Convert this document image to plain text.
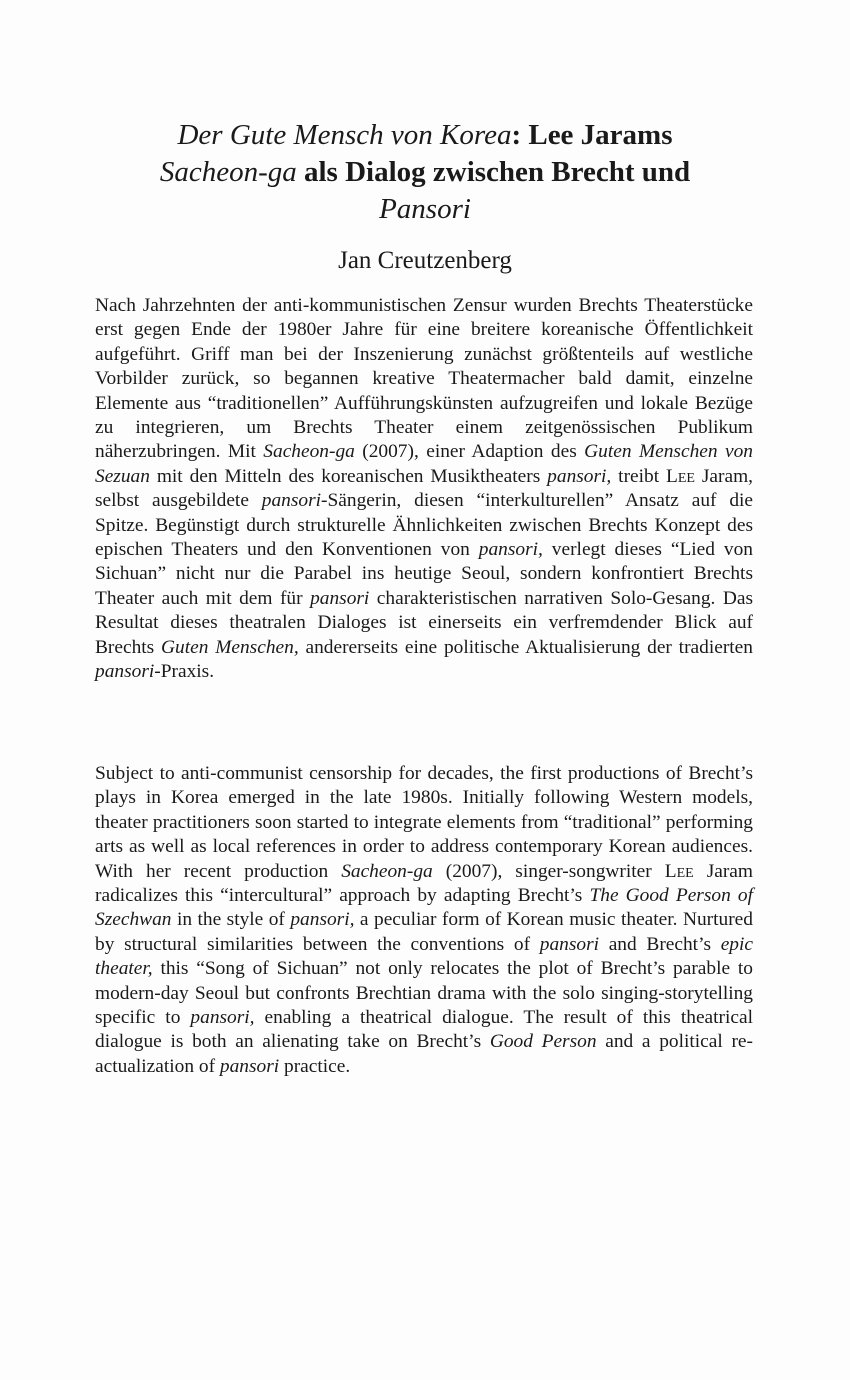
Der Gute Mensch von Korea: Lee Jarams
Sacheon-ga als Dialog zwischen Brecht und
Pansori
Jan Creutzenberg

Nach Jahrzehnten der anti-kommunistischen Zensur wurden Brechts Theaterstücke erst gegen Ende der 1980er Jahre für eine breitere koreanische Öffentlichkeit aufgeführt. Griff man bei der Inszenierung zunächst größtenteils auf westliche Vorbilder zurück, so begannen kreative Theatermacher bald damit, einzelne Elemente aus “traditionellen” Aufführungskünsten aufzugreifen und lokale Bezüge zu integrieren, um Brechts Theater einem zeitgenössischen Publikum näherzubringen. Mit Sacheon-ga (2007), einer Adaption des Guten Menschen von Sezuan mit den Mitteln des koreanischen Musiktheaters pansori, treibt Lee Jaram, selbst ausgebildete pansori-Sängerin, diesen “interkulturellen” Ansatz auf die Spitze. Begünstigt durch strukturelle Ähnlichkeiten zwischen Brechts Konzept des epischen Theaters und den Konventionen von pansori, verlegt dieses “Lied von Sichuan” nicht nur die Parabel ins heutige Seoul, sondern konfrontiert Brechts Theater auch mit dem für pansori charakteristischen narrativen Solo-Gesang. Das Resultat dieses theatralen Dialoges ist einerseits ein verfremdender Blick auf Brechts Guten Menschen, andererseits eine politische Aktualisierung der tradierten pansori-Praxis.

Subject to anti-communist censorship for decades, the first productions of Brecht’s plays in Korea emerged in the late 1980s. Initially following Western models, theater practitioners soon started to integrate elements from “traditional” performing arts as well as local references in order to address contemporary Korean audiences. With her recent production Sacheon-ga (2007), singer-songwriter Lee Jaram radicalizes this “intercultural” approach by adapting Brecht’s The Good Person of Szechwan in the style of pansori, a peculiar form of Korean music theater. Nurtured by structural similarities between the conventions of pansori and Brecht’s epic theater, this “Song of Sichuan” not only relocates the plot of Brecht’s parable to modern-day Seoul but confronts Brechtian drama with the solo singing-storytelling specific to pansori, enabling a theatrical dialogue. The result of this theatrical dialogue is both an alienating take on Brecht’s Good Person and a political re-actualization of pansori practice.
